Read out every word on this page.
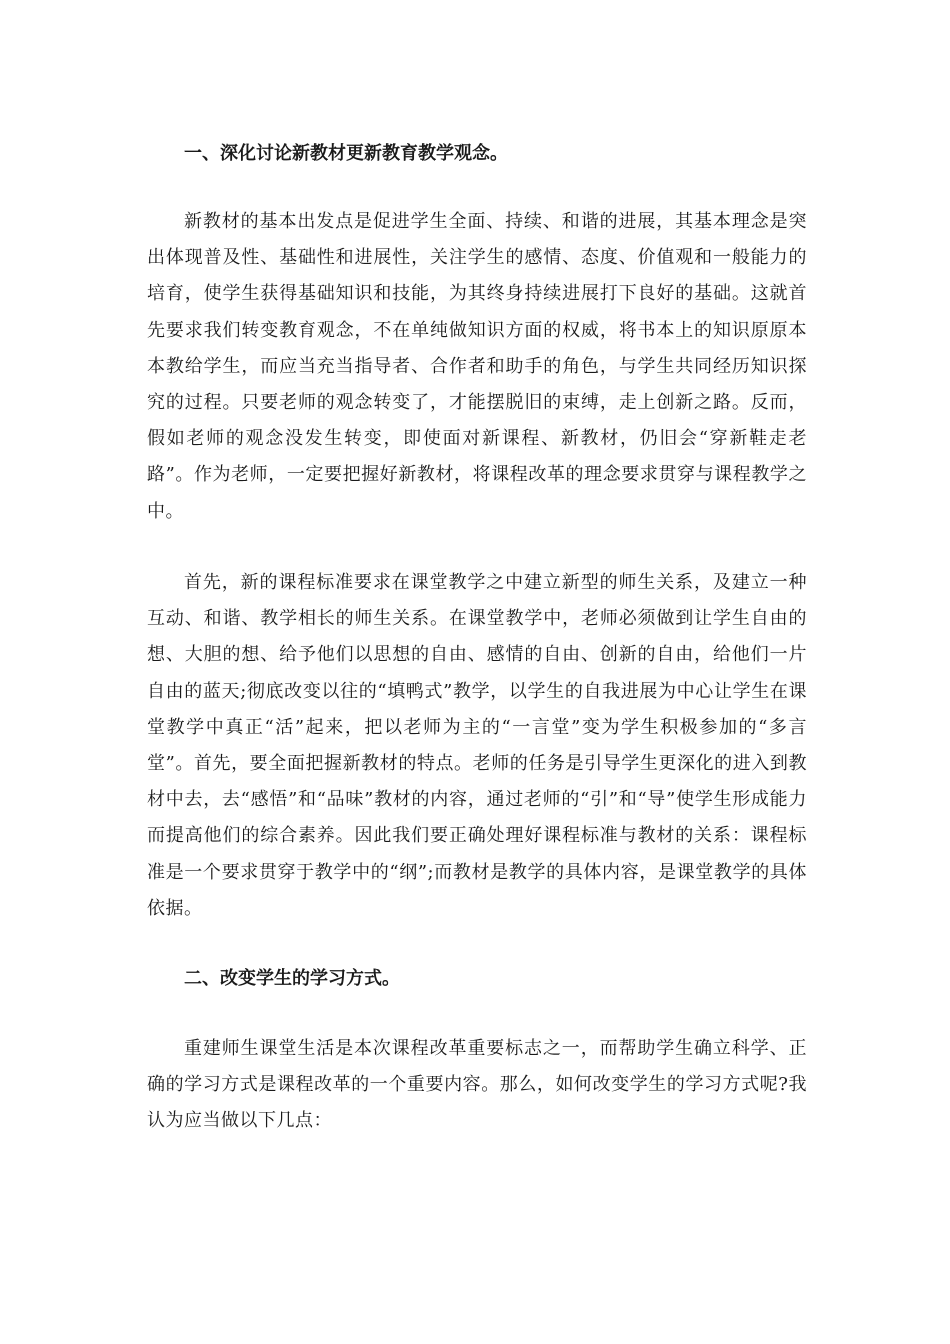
一、深化讨论新教材更新教育教学观念。
新教材的基本出发点是促进学生全面、持续、和谐的进展，其基本理念是突出体现普及性、基础性和进展性，关注学生的感情、态度、价值观和一般能力的培育，使学生获得基础知识和技能，为其终身持续进展打下良好的基础。这就首先要求我们转变教育观念，不在单纯做知识方面的权威，将书本上的知识原原本本教给学生，而应当充当指导者、合作者和助手的角色，与学生共同经历知识探究的过程。只要老师的观念转变了，才能摆脱旧的束缚，走上创新之路。反而，假如老师的观念没发生转变，即使面对新课程、新教材，仍旧会“穿新鞋走老路”。作为老师，一定要把握好新教材，将课程改革的理念要求贯穿与课程教学之中。
首先，新的课程标准要求在课堂教学之中建立新型的师生关系，及建立一种互动、和谐、教学相长的师生关系。在课堂教学中，老师必须做到让学生自由的想、大胆的想、给予他们以思想的自由、感情的自由、创新的自由，给他们一片自由的蓝天;彻底改变以往的“填鸭式”教学，以学生的自我进展为中心让学生在课堂教学中真正“活”起来，把以老师为主的“一言堂”变为学生积极参加的“多言堂”。首先，要全面把握新教材的特点。老师的任务是引导学生更深化的进入到教材中去，去“感悟”和“品味”教材的内容，通过老师的“引”和“导”使学生形成能力而提高他们的综合素养。因此我们要正确处理好课程标准与教材的关系：课程标准是一个要求贯穿于教学中的“纲”;而教材是教学的具体内容，是课堂教学的具体依据。
二、改变学生的学习方式。
重建师生课堂生活是本次课程改革重要标志之一，而帮助学生确立科学、正确的学习方式是课程改革的一个重要内容。那么，如何改变学生的学习方式呢?我认为应当做以下几点：
